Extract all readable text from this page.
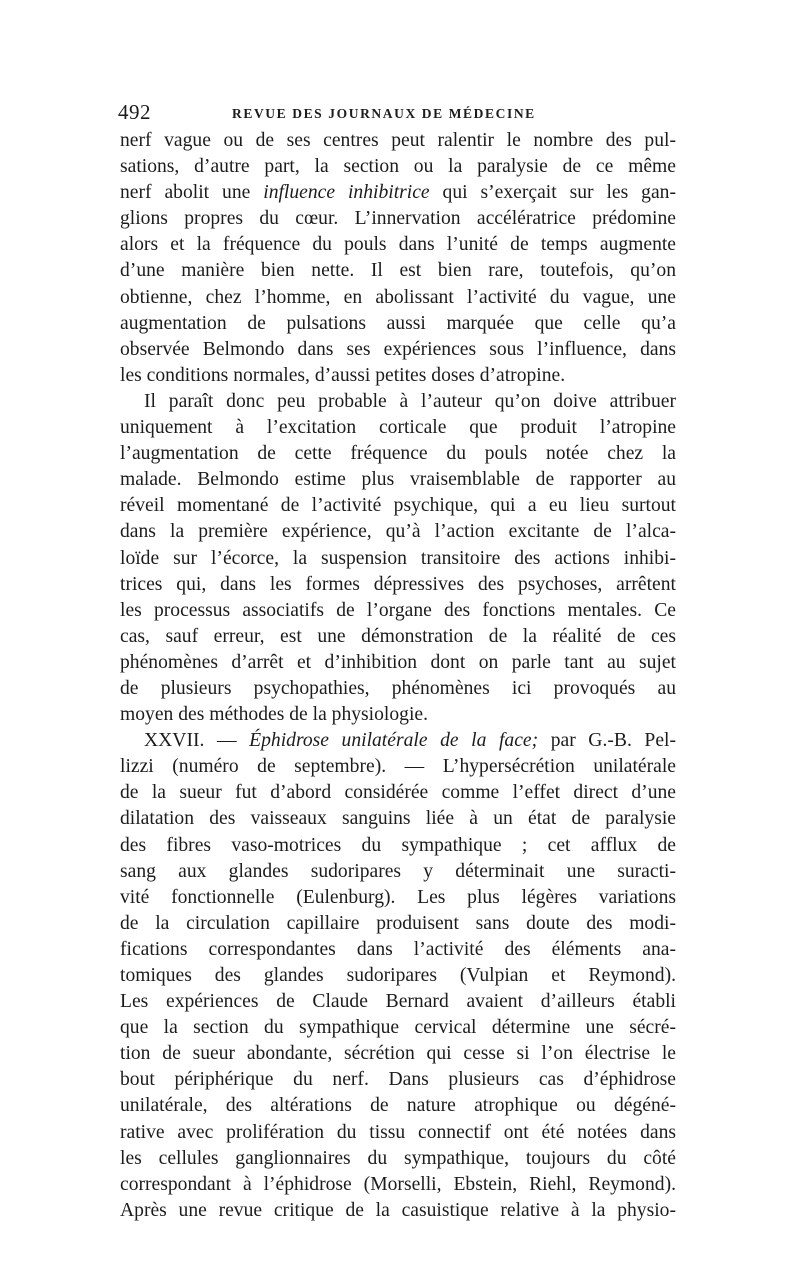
492	REVUE DES JOURNAUX DE MÉDECINE
nerf vague ou de ses centres peut ralentir le nombre des pul-
sations, d’autre part, la section ou la paralysie de ce même
nerf abolit une influence inhibitrice qui s’exerçait sur les gan-
glions propres du cœur. L’innervation accélératrice prédomine
alors et la fréquence du pouls dans l’unité de temps augmente
d’une manière bien nette. Il est bien rare, toutefois, qu’on
obtienne, chez l’homme, en abolissant l’activité du vague, une
augmentation de pulsations aussi marquée que celle qu’a
observée Belmondo dans ses expériences sous l’influence, dans
les conditions normales, d’aussi petites doses d’atropine.
Il paraît donc peu probable à l’auteur qu’on doive attribuer
uniquement à l’excitation corticale que produit l’atropine
l’augmentation de cette fréquence du pouls notée chez la
malade. Belmondo estime plus vraisemblable de rapporter au
réveil momentané de l’activité psychique, qui a eu lieu surtout
dans la première expérience, qu’à l’action excitante de l’alca-
loïde sur l’écorce, la suspension transitoire des actions inhibi-
trices qui, dans les formes dépressives des psychoses, arrêtent
les processus associatifs de l’organe des fonctions mentales. Ce
cas, sauf erreur, est une démonstration de la réalité de ces
phénomènes d’arrêt et d’inhibition dont on parle tant au sujet
de plusieurs psychopathies, phénomènes ici provoqués au
moyen des méthodes de la physiologie.
XXVII. — Éphidrose unilatérale de la face; par G.-B. Pel-
lizzi (numéro de septembre). — L’hypersécrétion unilatérale
de la sueur fut d’abord considérée comme l’effet direct d’une
dilatation des vaisseaux sanguins liée à un état de paralysie
des fibres vaso-motrices du sympathique ; cet afflux de
sang aux glandes sudoripares y déterminait une suracti-
vité fonctionnelle (Eulenburg). Les plus légères variations
de la circulation capillaire produisent sans doute des modi-
fications correspondantes dans l’activité des éléments ana-
tomiques des glandes sudoripares (Vulpian et Reymond).
Les expériences de Claude Bernard avaient d’ailleurs établi
que la section du sympathique cervical détermine une sécré-
tion de sueur abondante, sécrétion qui cesse si l’on électrise le
bout périphérique du nerf. Dans plusieurs cas d’éphidrose
unilatérale, des altérations de nature atrophique ou dégéné-
rative avec prolifération du tissu connectif ont été notées dans
les cellules ganglionnaires du sympathique, toujours du côté
correspondant à l’éphidrose (Morselli, Ebstein, Riehl, Reymond).
Après une revue critique de la casuistique relative à la physio-
